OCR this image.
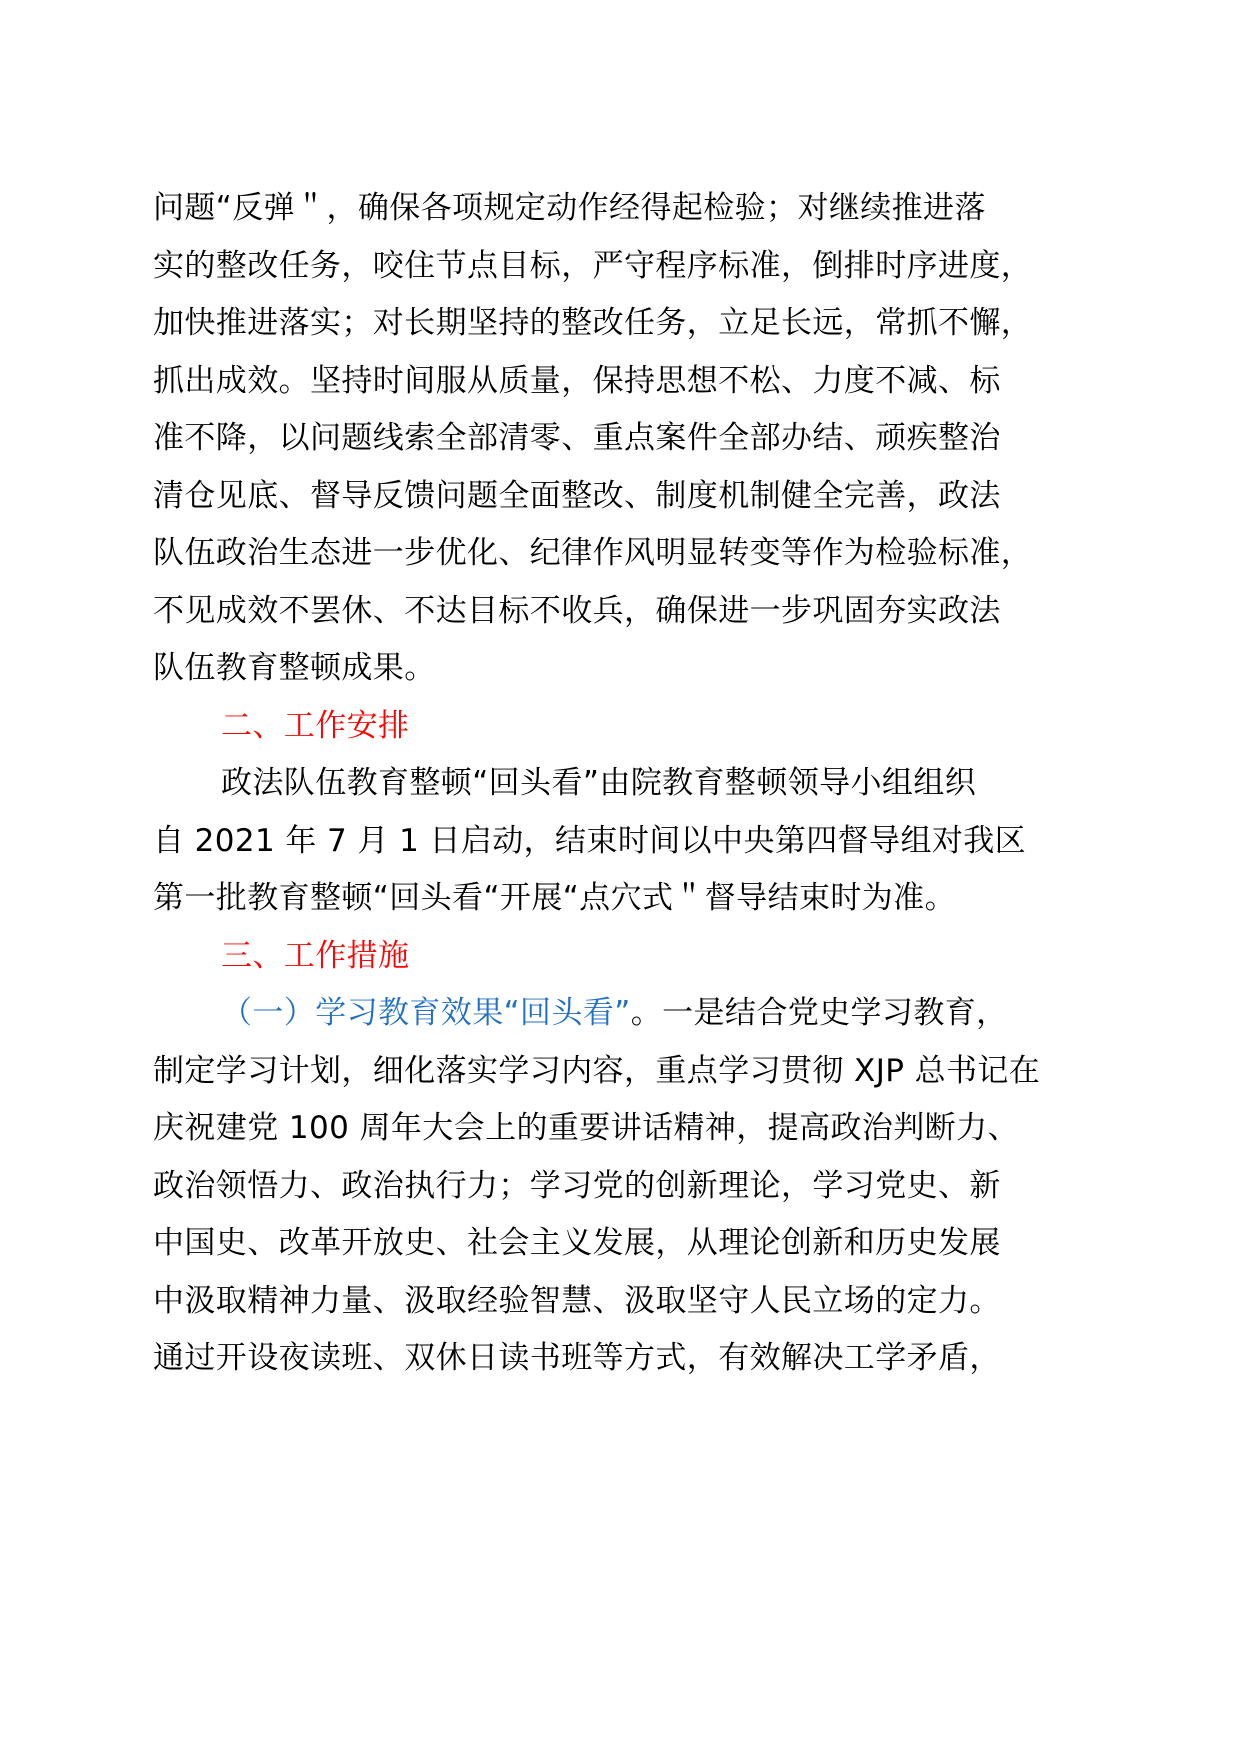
问题“反弹＂，确保各项规定动作经得起检验；对继续推进落
实的整改任务，咬住节点目标，严守程序标准，倒排时序进度，
加快推进落实；对长期坚持的整改任务，立足长远，常抓不懈，
抓出成效。坚持时间服从质量，保持思想不松、力度不减、标
准不降，以问题线索全部清零、重点案件全部办结、顽疾整治
清仓见底、督导反馈问题全面整改、制度机制健全完善，政法
队伍政治生态进一步优化、纪律作风明显转变等作为检验标准，
不见成效不罢休、不达目标不收兵，确保进一步巩固夯实政法
队伍教育整顿成果。
二、工作安排
政法队伍教育整顿“回头看”由院教育整顿领导小组组织
自 2021 年 7 月 1 日启动，结束时间以中央第四督导组对我区
第一批教育整顿“回头看“开展“点穴式＂督导结束时为准。
三、工作措施
（一）学习教育效果“回头看”。一是结合党史学习教育，
制定学习计划，细化落实学习内容，重点学习贯彻 XJP 总书记在
庆祝建党 100 周年大会上的重要讲话精神，提高政治判断力、
政治领悟力、政治执行力；学习党的创新理论，学习党史、新
中国史、改革开放史、社会主义发展，从理论创新和历史发展
中汲取精神力量、汲取经验智慧、汲取坚守人民立场的定力。
通过开设夜读班、双休日读书班等方式，有效解决工学矛盾，
